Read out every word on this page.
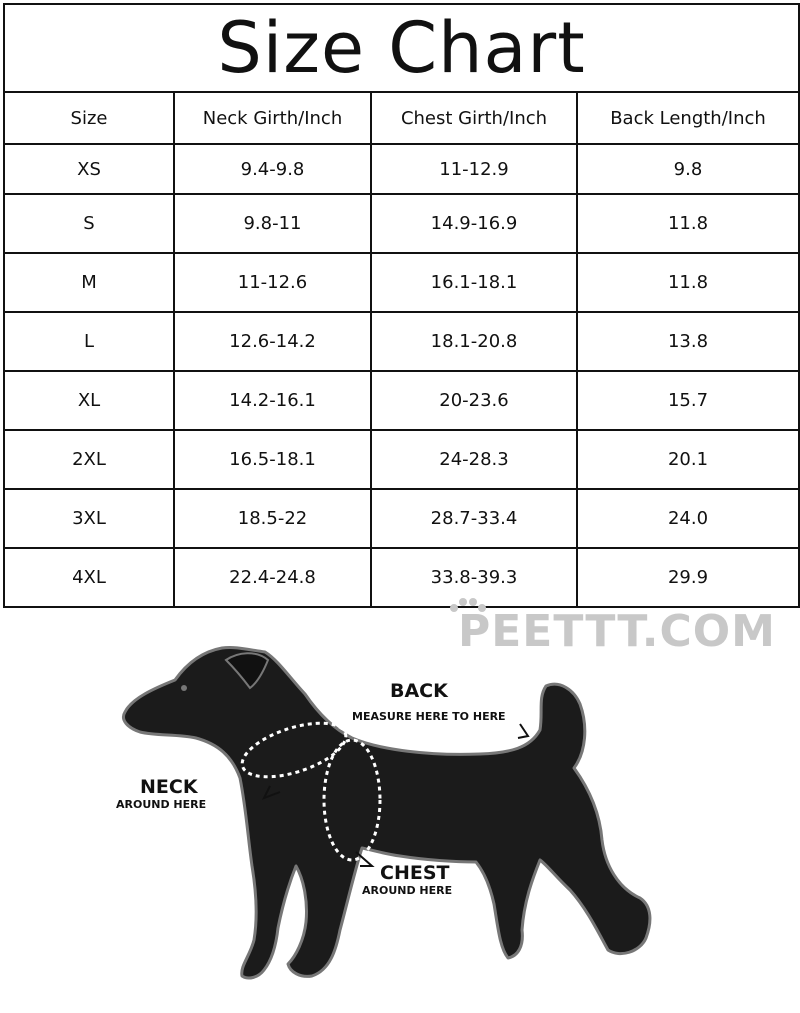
Size Chart			
Size	Neck Girth/Inch	Chest Girth/Inch	Back Length/Inch
XS	9.4-9.8	11-12.9	9.8
S	9.8-11	14.9-16.9	11.8
M	11-12.6	16.1-18.1	11.8
L	12.6-14.2	18.1-20.8	13.8
XL	14.2-16.1	20-23.6	15.7
2XL	16.5-18.1	24-28.3	20.1
3XL	18.5-22	28.7-33.4	24.0
4XL	22.4-24.8	33.8-39.3	29.9
PEETTT.COM
BACK
MEASURE HERE TO HERE
NECK
AROUND HERE
CHEST
AROUND HERE
